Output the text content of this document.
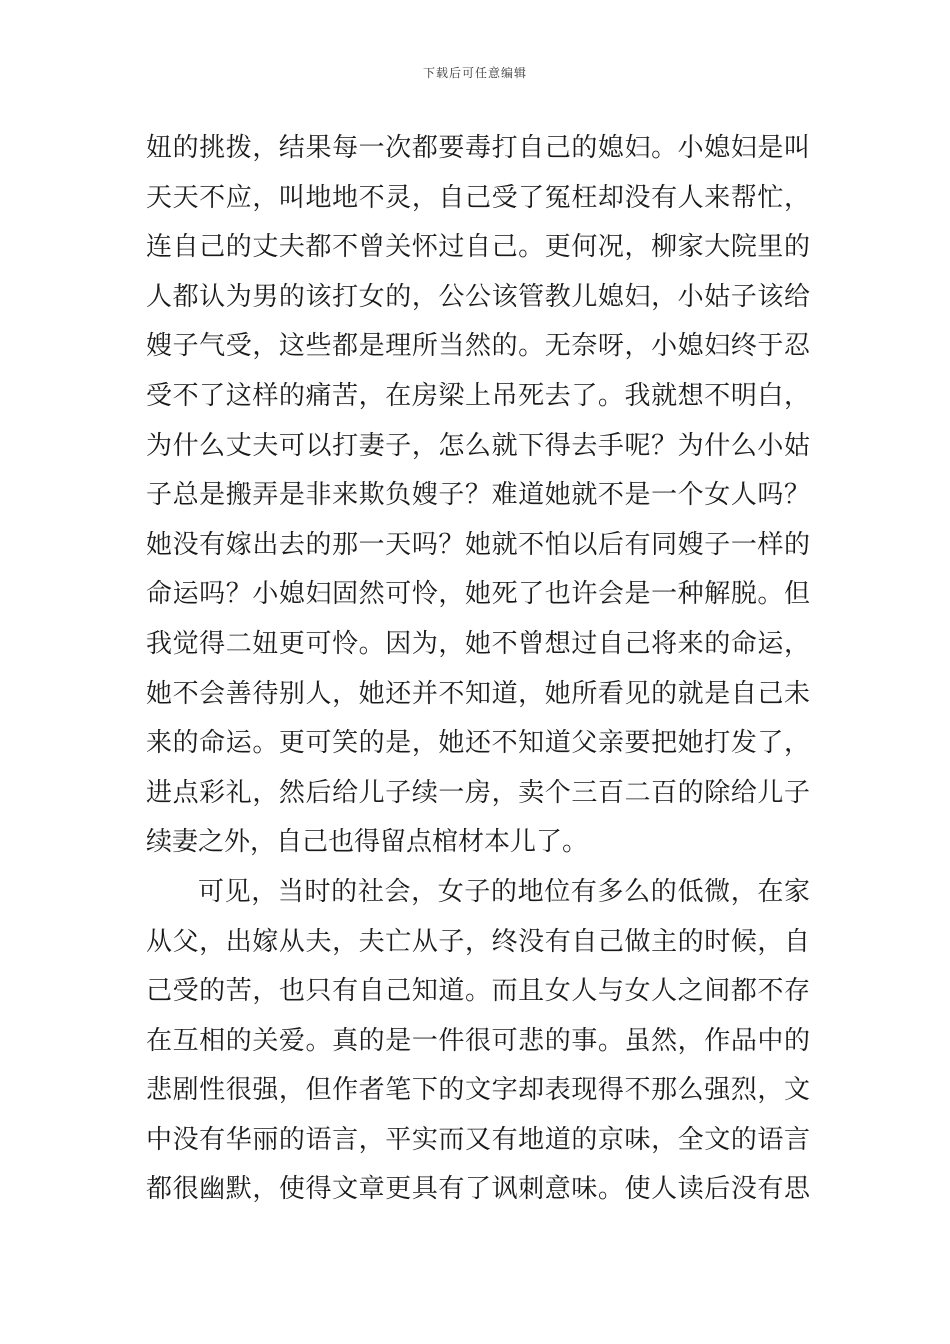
下载后可任意编辑
妞的挑拨，结果每一次都要毒打自己的媳妇。小媳妇是叫
天天不应，叫地地不灵，自己受了冤枉却没有人来帮忙，
连自己的丈夫都不曾关怀过自己。更何况，柳家大院里的
人都认为男的该打女的，公公该管教儿媳妇，小姑子该给
嫂子气受，这些都是理所当然的。无奈呀，小媳妇终于忍
受不了这样的痛苦，在房梁上吊死去了。我就想不明白，
为什么丈夫可以打妻子，怎么就下得去手呢？为什么小姑
子总是搬弄是非来欺负嫂子？难道她就不是一个女人吗？
她没有嫁出去的那一天吗？她就不怕以后有同嫂子一样的
命运吗？小媳妇固然可怜，她死了也许会是一种解脱。但
我觉得二妞更可怜。因为，她不曾想过自己将来的命运，
她不会善待别人，她还并不知道，她所看见的就是自己未
来的命运。更可笑的是，她还不知道父亲要把她打发了，
进点彩礼，然后给儿子续一房，卖个三百二百的除给儿子
续妻之外，自己也得留点棺材本儿了。
可见，当时的社会，女子的地位有多么的低微，在家
从父，出嫁从夫，夫亡从子，终没有自己做主的时候，自
己受的苦，也只有自己知道。而且女人与女人之间都不存
在互相的关爱。真的是一件很可悲的事。虽然，作品中的
悲剧性很强，但作者笔下的文字却表现得不那么强烈，文
中没有华丽的语言，平实而又有地道的京味，全文的语言
都很幽默，使得文章更具有了讽刺意味。使人读后没有思
